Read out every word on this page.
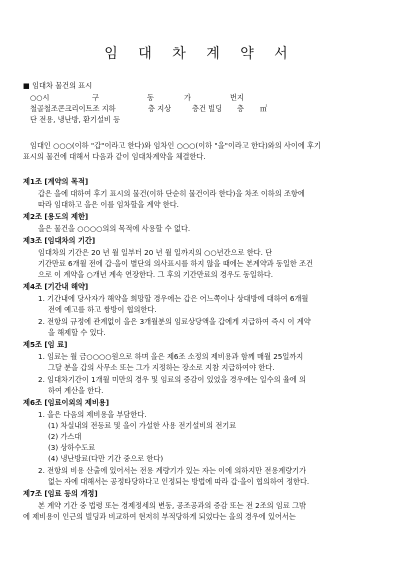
임 대 차 계 약 서
■ 임대차 물건의 표시
○○시	구	동	가	번지
철골철조콘크리이트조 지하	층 지상	층건 빌딩 층 ㎡
단 전용, 냉난방, 환기설비 등
임대인 ○○○(이하 "갑"이라고 한다)와 임차인 ○○○(이하 "을"이라고 한다)와의 사이에 후기
표시의 물건에 대해서 다음과 같이 임대차계약을 체결한다.
제1조 [계약의 목적]
갑은 을에 대하여 후기 표시의 물건(이하 단순히 물건이라 한다)을 차조 이하의 조항에
따라 임대하고 을은 이를 임차할을 계약 한다.
제2조 [용도의 제한]
을은 물건을 ○○○○의의 목적에 사용할 수 없다.
제3조 [임대차의 기간]
임대차의 기간은 20 년 월 일부터 20 년 월 일까지의 ○○년간으로 한다. 단
기간만료 6개월 전에 갑·을이 별단의 의사표시를 하지 않을 때에는 본계약과 동일한 조건
으로 이 계약을 ○개년 계속 연장한다. 그 후의 기간만료의 경우도 동일하다.
제4조 [기간내 해약]
1. 기간내에 당사자가 해약을 희망할 경우에는 갑은 어느쪽이나 상대방에 대하여 6개월
전에 예고를 하고 쌍방이 협의한다.
2. 전항의 규정에 관계없이 을은 3개월분의 임료상당액을 갑에게 지급하여 즉시 이 계약
을 해제할 수 있다.
제5조 [임 료]
1. 임료는 월 금○○○○원으로 하며 을은 제6조 소정의 제비용과 함께 매월 25일까지
그달 분을 갑의 사무소 또는 그가 지정하는 장소로 지참 지급하여야 한다.
2. 임대차기간이 1개월 미만의 경우 및 임료의 증감이 있었을 경우에는 일수의 율에 의
하여 계산을 한다.
제6조 [임료이외의 제비용]
1. 을은 다음의 제비용을 부담한다.
(1) 차실내의 전등료 및 을이 가설한 사용 전기설비의 전기료
(2) 가스대
(3) 상하수도료
(4) 냉난방료(다만 기간 중으로 한다)
2. 전항의 비용 산출에 있어서는 전용 계량기가 있는 자는 이에 의하지만 전용계량기가
없는 자에 대해서는 공정타당하다고 인정되는 방법에 따라 갑·을이 협의하여 정한다.
제7조 [임료 등의 개정]
본 계약 기간 중 법령 또는 경제정세의 변동, 공조공과의 증감 또는 전 2조의 임료 그밖
에 제비용이 인근의 빌딩과 비교하여 현저히 부적당하게 되었다는 을의 경우에 있어서는
